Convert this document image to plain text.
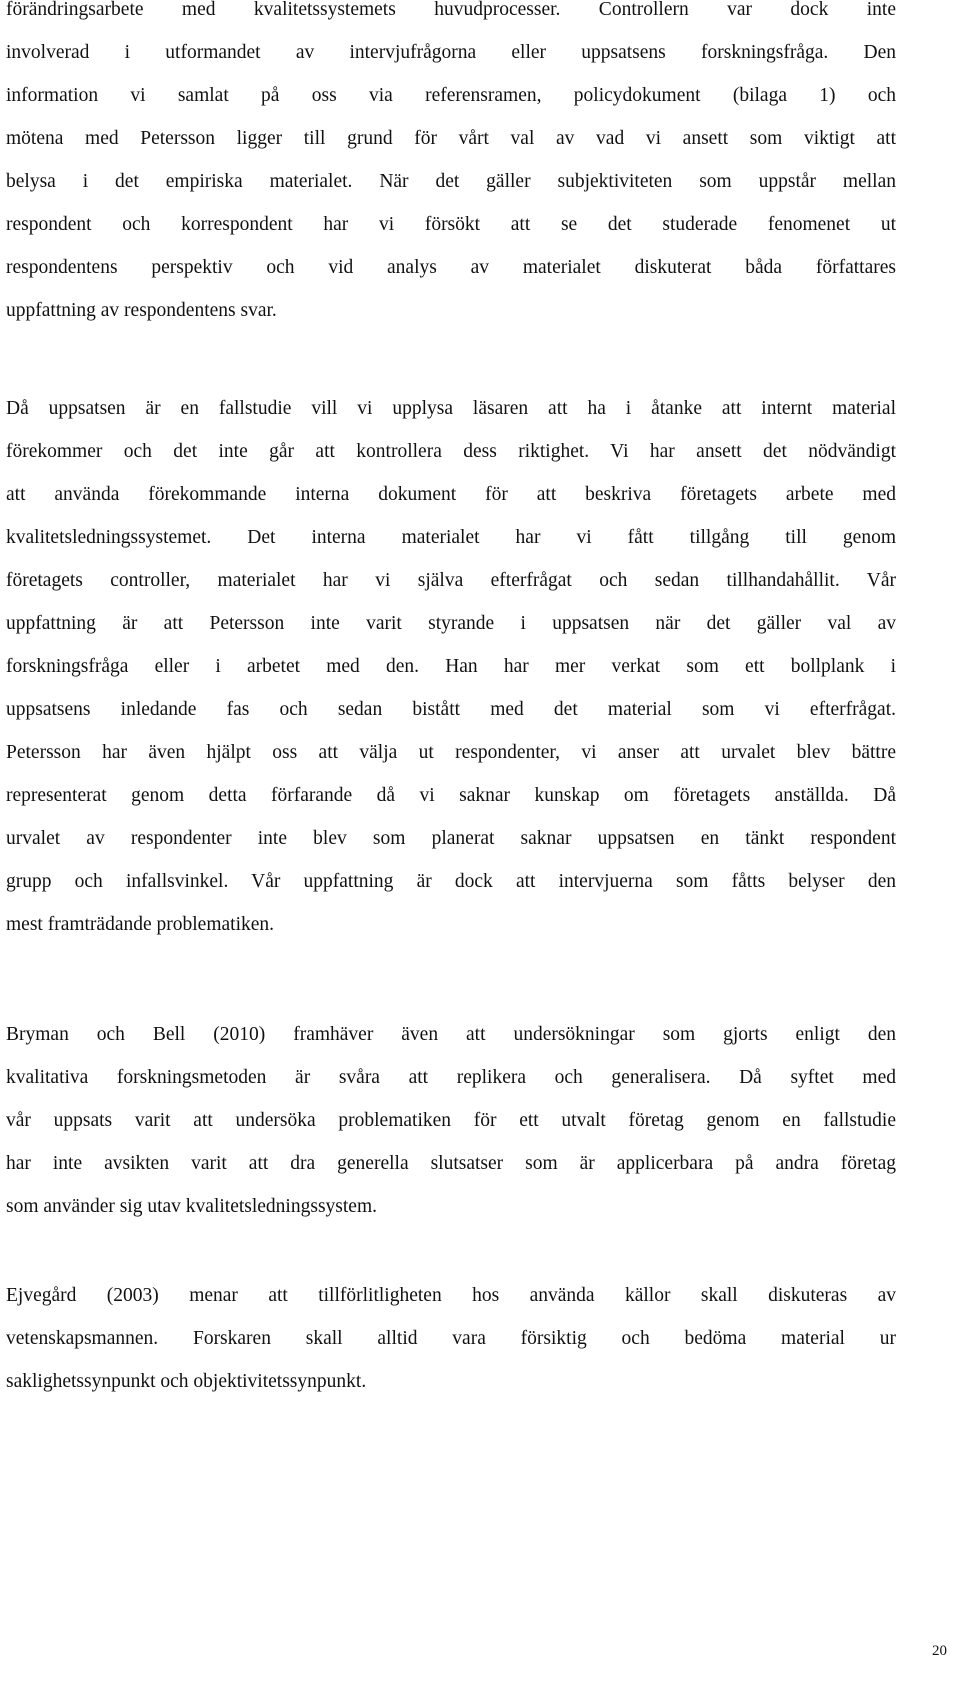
förändringsarbete med kvalitetssystemets huvudprocesser. Controllern var dock inte
involverad i utformandet av intervjufrågorna eller uppsatsens forskningsfråga. Den
information vi samlat på oss via referensramen, policydokument (bilaga 1) och
mötena med Petersson ligger till grund för vårt val av vad vi ansett som viktigt att
belysa i det empiriska materialet. När det gäller subjektiviteten som uppstår mellan
respondent och korrespondent har vi försökt att se det studerade fenomenet ut
respondentens perspektiv och vid analys av materialet diskuterat båda författares
uppfattning av respondentens svar.
Då uppsatsen är en fallstudie vill vi upplysa läsaren att ha i åtanke att internt material
förekommer och det inte går att kontrollera dess riktighet. Vi har ansett det nödvändigt
att använda förekommande interna dokument för att beskriva företagets arbete med
kvalitetsledningssystemet. Det interna materialet har vi fått tillgång till genom
företagets controller, materialet har vi själva efterfrågat och sedan tillhandahållit. Vår
uppfattning är att Petersson inte varit styrande i uppsatsen när det gäller val av
forskningsfråga eller i arbetet med den. Han har mer verkat som ett bollplank i
uppsatsens inledande fas och sedan bistått med det material som vi efterfrågat.
Petersson har även hjälpt oss att välja ut respondenter, vi anser att urvalet blev bättre
representerat genom detta förfarande då vi saknar kunskap om företagets anställda. Då
urvalet av respondenter inte blev som planerat saknar uppsatsen en tänkt respondent
grupp och infallsvinkel. Vår uppfattning är dock att intervjuerna som fåtts belyser den
mest framträdande problematiken.
Bryman och Bell (2010) framhäver även att undersökningar som gjorts enligt den
kvalitativa forskningsmetoden är svåra att replikera och generalisera. Då syftet med
vår uppsats varit att undersöka problematiken för ett utvalt företag genom en fallstudie
har inte avsikten varit att dra generella slutsatser som är applicerbara på andra företag
som använder sig utav kvalitetsledningssystem.
Ejvegård (2003) menar att tillförlitligheten hos använda källor skall diskuteras av
vetenskapsmannen. Forskaren skall alltid vara försiktig och bedöma material ur
saklighetssynpunkt och objektivitetssynpunkt.
20
